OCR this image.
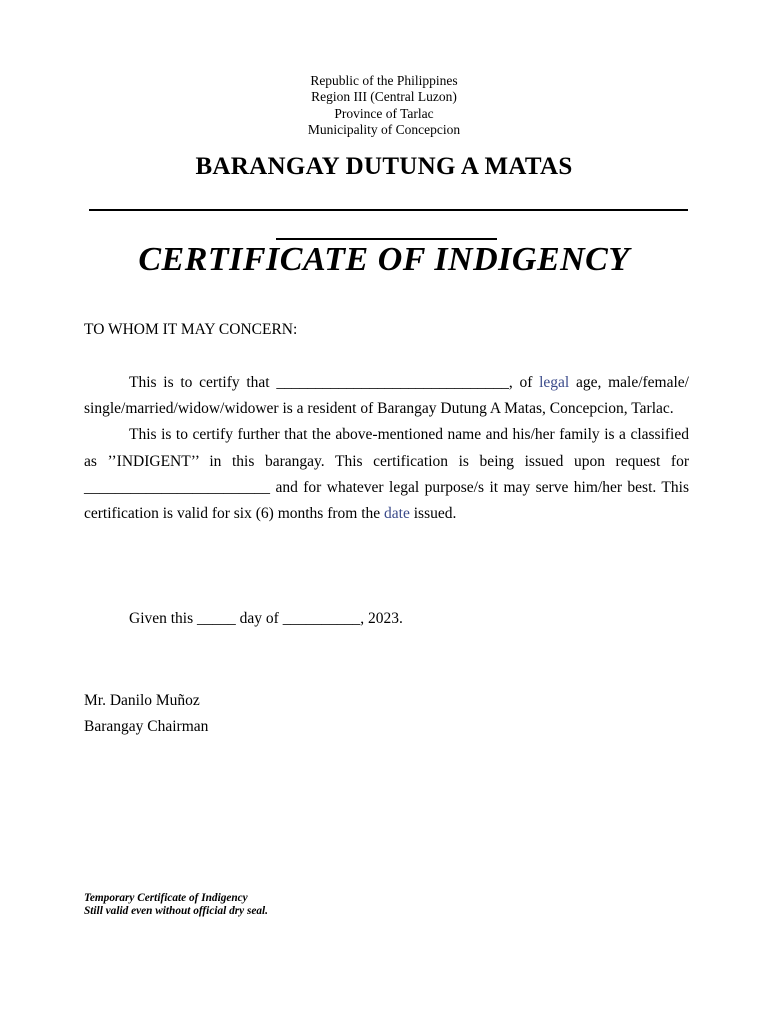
Republic of the Philippines
Region III (Central Luzon)
Province of Tarlac
Municipality of Concepcion
BARANGAY DUTUNG A MATAS
CERTIFICATE OF INDIGENCY
TO WHOM IT MAY CONCERN:

This is to certify that ______________________________, of legal age, male/female/ single/married/widow/widower is a resident of Barangay Dutung A Matas, Concepcion, Tarlac.

This is to certify further that the above-mentioned name and his/her family is a classified as ’’INDIGENT’’ in this barangay. This certification is being issued upon request for ________________________ and for whatever legal purpose/s it may serve him/her best. This certification is valid for six (6) months from the date issued.

Given this _____ day of __________, 2023.
Mr. Danilo Muñoz
Barangay Chairman
Temporary Certificate of Indigency
Still valid even without official dry seal.
